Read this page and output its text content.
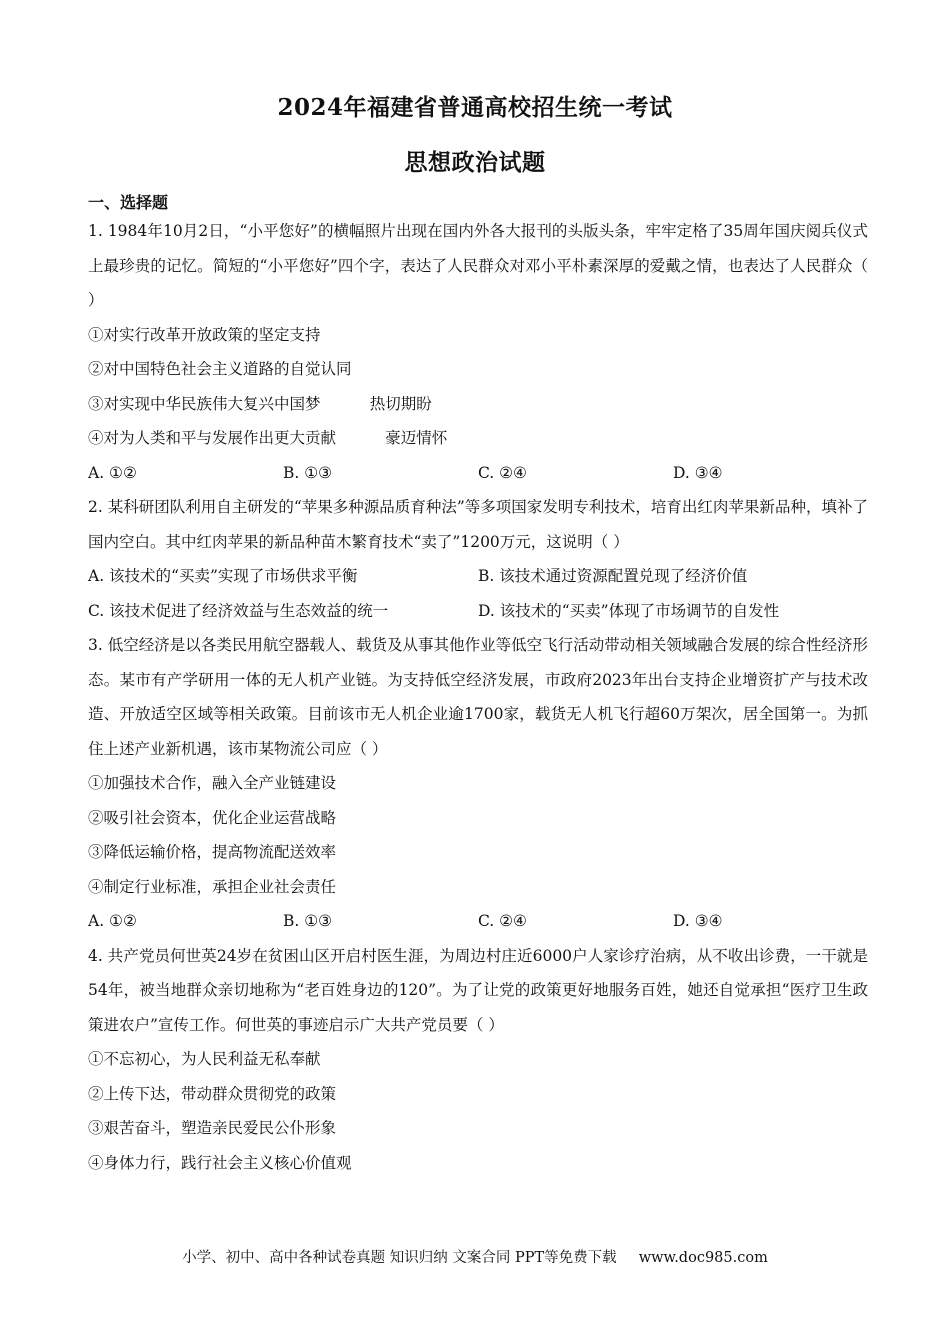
2024年福建省普通高校招生统一考试
思想政治试题
一、选择题

1. 1984年10月2日，“小平您好”的横幅照片出现在国内外各大报刊的头版头条，牢牢定格了35周年国庆阅兵仪式上最珍贵的记忆。简短的“小平您好”四个字，表达了人民群众对邓小平朴素深厚的爱戴之情，也表达了人民群众（ ）

①对实行改革开放政策的坚定支持

②对中国特色社会主义道路的自觉认同

③对实现中华民族伟大复兴中国梦          热切期盼

④对为人类和平与发展作出更大贡献          豪迈情怀

A. ①②	B. ①③	C. ②④	D. ③④

2. 某科研团队利用自主研发的“苹果多种源品质育种法”等多项国家发明专利技术，培育出红肉苹果新品种，填补了国内空白。其中红肉苹果的新品种苗木繁育技术“卖了”1200万元，这说明（ ）

A. 该技术的“买卖”实现了市场供求平衡	B. 该技术通过资源配置兑现了经济价值
C. 该技术促进了经济效益与生态效益的统一	D. 该技术的“买卖”体现了市场调节的自发性

3. 低空经济是以各类民用航空器载人、载货及从事其他作业等低空飞行活动带动相关领域融合发展的综合性经济形态。某市有产学研用一体的无人机产业链。为支持低空经济发展，市政府2023年出台支持企业增资扩产与技术改造、开放适空区域等相关政策。目前该市无人机企业逾1700家，载货无人机飞行超60万架次，居全国第一。为抓住上述产业新机遇，该市某物流公司应（ ）

①加强技术合作，融入全产业链建设

②吸引社会资本，优化企业运营战略

③降低运输价格，提高物流配送效率

④制定行业标准，承担企业社会责任

A. ①②	B. ①③	C. ②④	D. ③④

4. 共产党员何世英24岁在贫困山区开启村医生涯，为周边村庄近6000户人家诊疗治病，从不收出诊费，一干就是54年，被当地群众亲切地称为“老百姓身边的120”。为了让党的政策更好地服务百姓，她还自觉承担“医疗卫生政策进农户”宣传工作。何世英的事迹启示广大共产党员要（ ）

①不忘初心，为人民利益无私奉献

②上传下达，带动群众贯彻党的政策

③艰苦奋斗，塑造亲民爱民公仆形象

④身体力行，践行社会主义核心价值观

小学、初中、高中各种试卷真题 知识归纳 文案合同 PPT等免费下载 www.doc985.com
